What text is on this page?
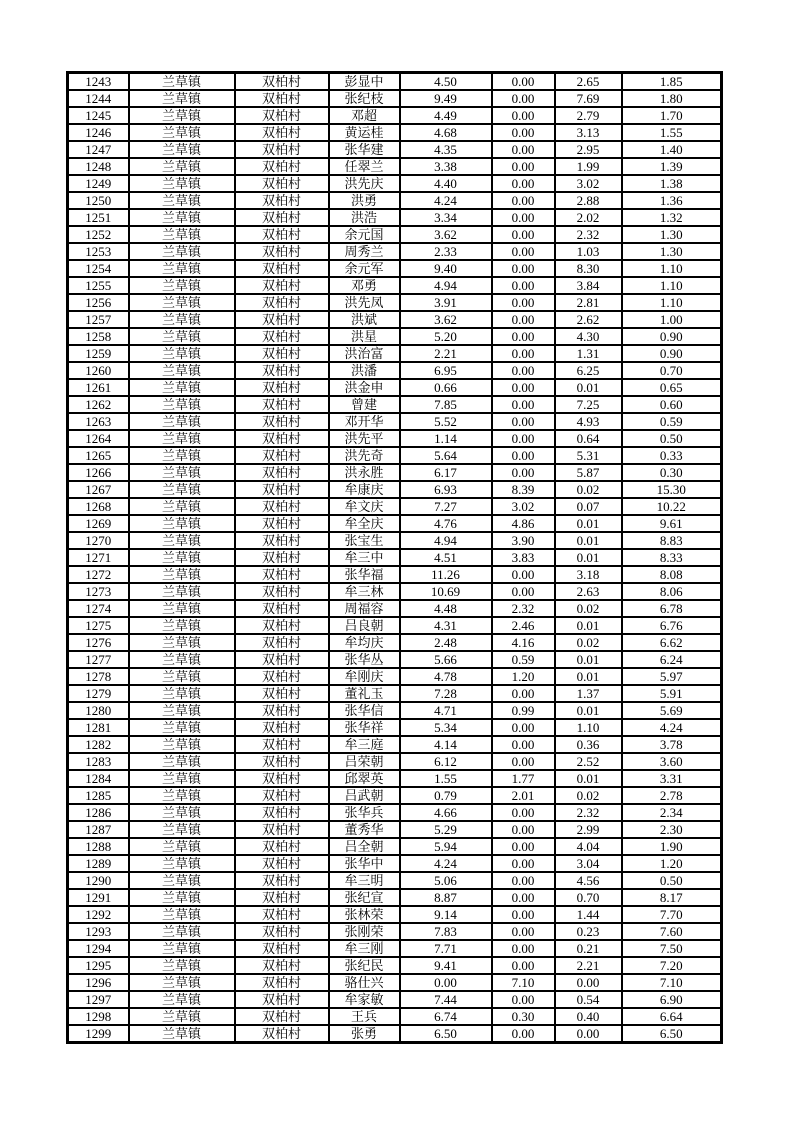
1243	兰草镇	双柏村	彭显中	4.50	0.00	2.65	1.85
1244	兰草镇	双柏村	张纪枝	9.49	0.00	7.69	1.80
1245	兰草镇	双柏村	邓超	4.49	0.00	2.79	1.70
1246	兰草镇	双柏村	黄运桂	4.68	0.00	3.13	1.55
1247	兰草镇	双柏村	张华建	4.35	0.00	2.95	1.40
1248	兰草镇	双柏村	任翠兰	3.38	0.00	1.99	1.39
1249	兰草镇	双柏村	洪先庆	4.40	0.00	3.02	1.38
1250	兰草镇	双柏村	洪勇	4.24	0.00	2.88	1.36
1251	兰草镇	双柏村	洪浩	3.34	0.00	2.02	1.32
1252	兰草镇	双柏村	余元国	3.62	0.00	2.32	1.30
1253	兰草镇	双柏村	周秀兰	2.33	0.00	1.03	1.30
1254	兰草镇	双柏村	余元军	9.40	0.00	8.30	1.10
1255	兰草镇	双柏村	邓勇	4.94	0.00	3.84	1.10
1256	兰草镇	双柏村	洪先凤	3.91	0.00	2.81	1.10
1257	兰草镇	双柏村	洪斌	3.62	0.00	2.62	1.00
1258	兰草镇	双柏村	洪星	5.20	0.00	4.30	0.90
1259	兰草镇	双柏村	洪治富	2.21	0.00	1.31	0.90
1260	兰草镇	双柏村	洪潘	6.95	0.00	6.25	0.70
1261	兰草镇	双柏村	洪金申	0.66	0.00	0.01	0.65
1262	兰草镇	双柏村	曾建	7.85	0.00	7.25	0.60
1263	兰草镇	双柏村	邓开华	5.52	0.00	4.93	0.59
1264	兰草镇	双柏村	洪先平	1.14	0.00	0.64	0.50
1265	兰草镇	双柏村	洪先奇	5.64	0.00	5.31	0.33
1266	兰草镇	双柏村	洪永胜	6.17	0.00	5.87	0.30
1267	兰草镇	双柏村	牟康庆	6.93	8.39	0.02	15.30
1268	兰草镇	双柏村	牟文庆	7.27	3.02	0.07	10.22
1269	兰草镇	双柏村	牟全庆	4.76	4.86	0.01	9.61
1270	兰草镇	双柏村	张宝生	4.94	3.90	0.01	8.83
1271	兰草镇	双柏村	牟三中	4.51	3.83	0.01	8.33
1272	兰草镇	双柏村	张华福	11.26	0.00	3.18	8.08
1273	兰草镇	双柏村	牟三林	10.69	0.00	2.63	8.06
1274	兰草镇	双柏村	周福容	4.48	2.32	0.02	6.78
1275	兰草镇	双柏村	吕良朝	4.31	2.46	0.01	6.76
1276	兰草镇	双柏村	牟均庆	2.48	4.16	0.02	6.62
1277	兰草镇	双柏村	张华丛	5.66	0.59	0.01	6.24
1278	兰草镇	双柏村	牟刚庆	4.78	1.20	0.01	5.97
1279	兰草镇	双柏村	董礼玉	7.28	0.00	1.37	5.91
1280	兰草镇	双柏村	张华信	4.71	0.99	0.01	5.69
1281	兰草镇	双柏村	张华祥	5.34	0.00	1.10	4.24
1282	兰草镇	双柏村	牟三庭	4.14	0.00	0.36	3.78
1283	兰草镇	双柏村	吕荣朝	6.12	0.00	2.52	3.60
1284	兰草镇	双柏村	邱翠英	1.55	1.77	0.01	3.31
1285	兰草镇	双柏村	吕武朝	0.79	2.01	0.02	2.78
1286	兰草镇	双柏村	张华兵	4.66	0.00	2.32	2.34
1287	兰草镇	双柏村	董秀华	5.29	0.00	2.99	2.30
1288	兰草镇	双柏村	吕全朝	5.94	0.00	4.04	1.90
1289	兰草镇	双柏村	张华中	4.24	0.00	3.04	1.20
1290	兰草镇	双柏村	牟三明	5.06	0.00	4.56	0.50
1291	兰草镇	双柏村	张纪宣	8.87	0.00	0.70	8.17
1292	兰草镇	双柏村	张林荣	9.14	0.00	1.44	7.70
1293	兰草镇	双柏村	张刚荣	7.83	0.00	0.23	7.60
1294	兰草镇	双柏村	牟三刚	7.71	0.00	0.21	7.50
1295	兰草镇	双柏村	张纪民	9.41	0.00	2.21	7.20
1296	兰草镇	双柏村	骆仕兴	0.00	7.10	0.00	7.10
1297	兰草镇	双柏村	牟家敏	7.44	0.00	0.54	6.90
1298	兰草镇	双柏村	王兵	6.74	0.30	0.40	6.64
1299	兰草镇	双柏村	张勇	6.50	0.00	0.00	6.50
